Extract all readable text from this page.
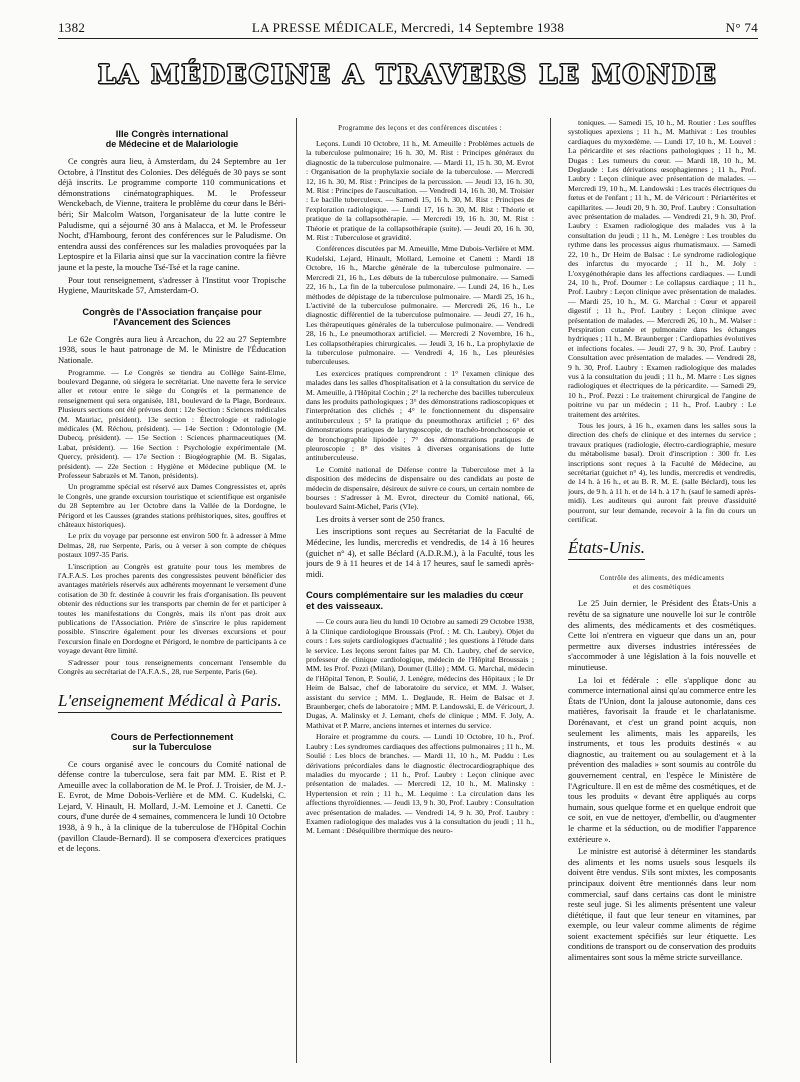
1382	LA PRESSE MÉDICALE, Mercredi, 14 Septembre 1938	N° 74
LA MÉDECINE A TRAVERS LE MONDE
IIIe Congrès international
de Médecine et de Malariologie

Ce congrès aura lieu, à Amsterdam, du 24 Septembre au 1er Octobre, à l'Institut des Colonies. Des délégués de 30 pays se sont déjà inscrits. Le programme comporte 110 communications et démonstrations cinématographiques. M. le Professeur Wenckebach, de Vienne, traitera le problème du cœur dans le Béri-béri; Sir Malcolm Watson, l'organisateur de la lutte contre le Paludisme, qui a séjourné 30 ans à Malacca, et M. le Professeur Nocht, d'Hambourg, feront des conférences sur le Paludisme. On entendra aussi des conférences sur les maladies provoquées par la Leptospire et la Filaria ainsi que sur la vaccination contre la fièvre jaune et la peste, la mouche Tsé-Tsé et la rage canine.

Pour tout renseignement, s'adresser à l'Institut voor Tropische Hygiene, Mauritskade 57, Amsterdam-O.

Congrès de l'Association française pour
l'Avancement des Sciences

Le 62e Congrès aura lieu à Arcachon, du 22 au 27 Septembre 1938, sous le haut patronage de M. le Ministre de l'Éducation Nationale.

Programme. — Le Congrès se tiendra au Collège Saint-Elme, boulevard Deganne, où siégera le secrétariat. Une navette fera le service aller et retour entre le siège du Congrès et la permanence de renseignement qui sera organisée, 181, boulevard de la Plage, Bordeaux. Plusieurs sections ont été prévues dont : 12e Section : Sciences médicales (M. Mauriac, président). 13e section : Électrologie et radiologie médicales (M. Réchou, président). — 14e Section : Odontologie (M. Dubecq, président). — 15e Section : Sciences pharmaceutiques (M. Labat, président). — 16e Section : Psychologie expérimentale (M. Quercy, président). — 17e Section : Biogéographie (M. B. Sigalas, président). — 22e Section : Hygiène et Médecine publique (M. le Professeur Sabrazès et M. Tanon, présidents).

Un programme spécial est réservé aux Dames Congressistes et, après le Congrès, une grande excursion touristique et scientifique est organisée du 28 Septembre au 1er Octobre dans la Vallée de la Dordogne, le Périgord et les Causses (grandes stations préhistoriques, sites, gouffres et châteaux historiques).

Le prix du voyage par personne est environ 500 fr. à adresser à Mme Delmas, 28, rue Serpente, Paris, ou à verser à son compte de chèques postaux 1097-35 Paris.

L'inscription au Congrès est gratuite pour tous les membres de l'A.F.A.S. Les proches parents des congressistes peuvent bénéficier des avantages matériels réservés aux adhérents moyennant le versement d'une cotisation de 30 fr. destinée à couvrir les frais d'organisation. Ils peuvent obtenir des réductions sur les transports par chemin de fer et participer à toutes les manifestations du Congrès, mais ils n'ont pas droit aux publications de l'Association. Prière de s'inscrire le plus rapidement possible. S'inscrire également pour les diverses excursions et pour l'excursion finale en Dordogne et Périgord, le nombre de participants à ce voyage devant être limité.

S'adresser pour tous renseignements concernant l'ensemble du Congrès au secrétariat de l'A.F.A.S., 28, rue Serpente, Paris (6e).

L'enseignement Médical à Paris.
Cours de Perfectionnement
sur la Tuberculose

Ce cours organisé avec le concours du Comité national de défense contre la tuberculose, sera fait par MM. E. Rist et P. Ameuille avec la collaboration de M. le Prof. J. Troisier, de M. J.-E. Evrot, de Mme Dobois-Verlière et de MM. C. Kudelski, C. Lejard, V. Hinault, H. Mollard, J.-M. Lemoine et J. Canetti. Ce cours, d'une durée de 4 semaines, commencera le lundi 10 Octobre 1938, à 9 h., à la clinique de la tuberculose de l'Hôpital Cochin (pavillon Claude-Bernard). Il se composera d'exercices pratiques et de leçons.

Programme des leçons et des conférences discutées :

Leçons. Lundi 10 Octobre, 11 h., M. Ameuille : Problèmes actuels de la tuberculose pulmonaire; 16 h. 30, M. Rist : Principes généraux du diagnostic de la tuberculose pulmonaire. — Mardi 11, 15 h. 30, M. Evrot : Organisation de la prophylaxie sociale de la tuberculose. — Mercredi 12, 16 h. 30, M. Rist : Principes de la percussion. — Jeudi 13, 16 h. 30, M. Rist : Principes de l'auscultation. — Vendredi 14, 16 h. 30, M. Troisier : Le bacille tuberculeux. — Samedi 15, 16 h. 30, M. Rist : Principes de l'exploration radiologique. — Lundi 17, 16 h. 30, M. Rist : Théorie et pratique de la collapsothérapie. — Mercredi 19, 16 h. 30, M. Rist : Théorie et pratique de la collapsothérapie (suite). — Jeudi 20, 16 h. 30, M. Rist : Tuberculose et gravidité.

Conférences discutées par M. Ameuille, Mme Dubois-Verlière et MM. Kudelski, Lejard, Hinault, Mollard, Lemoine et Canetti : Mardi 18 Octobre, 16 h., Marche générale de la tuberculose pulmonaire. — Mercredi 21, 16 h., Les débuts de la tuberculose pulmonaire. — Samedi 22, 16 h., La fin de la tuberculose pulmonaire. — Lundi 24, 16 h., Les méthodes de dépistage de la tuberculose pulmonaire. — Mardi 25, 16 h., L'activité de la tuberculose pulmonaire. — Mercredi 26, 16 h., Le diagnostic différentiel de la tuberculose pulmonaire. — Jeudi 27, 16 h., Les thérapeutiques générales de la tuberculose pulmonaire. — Vendredi 28, 16 h., Le pneumothorax artificiel. — Mercredi 2 Novembre, 16 h., Les collapsothérapies chirurgicales. — Jeudi 3, 16 h., La prophylaxie de la tuberculose pulmonaire. — Vendredi 4, 16 h., Les pleurésies tuberculeuses.

Les exercices pratiques comprendront : 1° l'examen clinique des malades dans les salles d'hospitalisation et à la consultation du service de M. Ameuille, à l'Hôpital Cochin ; 2° la recherche des bacilles tuberculeux dans les produits pathologiques ; 3° des démonstrations radioscopiques et l'interprétation des clichés ; 4° le fonctionnement du dispensaire antituberculeux ; 5° la pratique du pneumothorax artificiel ; 6° des démonstrations pratiques de laryngoscopie, de trachéo-bronchoscopie et de bronchographie lipiodée ; 7° des démonstrations pratiques de pleuroscopie ; 8° des visites à diverses organisations de lutte antituberculeuse.

Le Comité national de Défense contre la Tuberculose met à la disposition des médecins de dispensaire ou des candidats au poste de médecin de dispensaire, désireux de suivre ce cours, un certain nombre de bourses : S'adresser à M. Evrot, directeur du Comité national, 66, boulevard Saint-Michel, Paris (VIe).

Les droits à verser sont de 250 francs.

Les inscriptions sont reçues au Secrétariat de la Faculté de Médecine, les lundis, mercredis et vendredis, de 14 à 16 heures (guichet n° 4), et salle Béclard (A.D.R.M.), à la Faculté, tous les jours de 9 à 11 heures et de 14 à 17 heures, sauf le samedi après-midi.

Cours complémentaire sur les maladies du cœur et des vaisseaux.

— Ce cours aura lieu du lundi 10 Octobre au samedi 29 Octobre 1938, à la Clinique cardiologique Broussais (Prof. : M. Ch. Laubry). Objet du cours : Les sujets cardiologiques d'actualité ; les questions à l'étude dans le service. Les leçons seront faites par M. Ch. Laubry, chef de service, professeur de clinique cardiologique, médecin de l'Hôpital Broussais ; MM. les Prof. Pezzi (Milan), Doumer (Lille) ; MM. G. Marchal, médecin de l'Hôpital Tenon, P. Soulié, J. Lenègre, médecins des Hôpitaux ; le Dr Heim de Balsac, chef de laboratoire du service, et MM. J. Walser, assistant du service ; MM. L. Deglaude, R. Heim de Balsac et J. Braunberger, chefs de laboratoire ; MM. P. Landowski, E. de Véricourt, J. Dugas, A. Malinsky et J. Lemant, chefs de clinique ; MM. F. Joly, A. Mathivat et P. Marre, anciens internes et internes du service.

Horaire et programme du cours. — Lundi 10 Octobre, 10 h., Prof. Laubry : Les syndromes cardiaques des affections pulmonaires ; 11 h., M. Soulié : Les blocs de branches. — Mardi 11, 10 h., M. Puddu : Les dérivations précordiales dans le diagnostic électrocardiographique des maladies du myocarde ; 11 h., Prof. Laubry : Leçon clinique avec présentation de malades. — Mercredi 12, 10 h., M. Malinsky : Hypertension et rein ; 11 h., M. Lequime : La circulation dans les affections thyroïdiennes. — Jeudi 13, 9 h. 30, Prof. Laubry : Consultation avec présentation de malades. — Vendredi 14, 9 h. 30, Prof. Laubry : Examen radiologique des malades vus à la consultation du jeudi ; 11 h., M. Lemant : Déséquilibre thermique des neuro-

toniques. — Samedi 15, 10 h., M. Routier : Les souffles systoliques apexiens ; 11 h., M. Mathivat : Les troubles cardiaques du myxœdème. — Lundi 17, 10 h., M. Louvel : La péricardite et ses réactions pathologiques ; 11 h., M. Dugas : Les tumeurs du cœur. — Mardi 18, 10 h., M. Deglaude : Les dérivations œsophagiennes ; 11 h., Prof. Laubry : Leçon clinique avec présentation de malades. — Mercredi 19, 10 h., M. Landowski : Les tracés électriques du fœtus et de l'enfant ; 11 h., M. de Véricourt : Périartérites et capillarites. — Jeudi 20, 9 h. 30, Prof. Laubry : Consultation avec présentation de malades. — Vendredi 21, 9 h. 30, Prof. Laubry : Examen radiologique des malades vus à la consultation du jeudi ; 11 h., M. Lenègre : Les troubles du rythme dans les processus aigus rhumatismaux. — Samedi 22, 10 h., Dr Heim de Balsac : Le syndrome radiologique des infarctus du myocarde ; 11 h., M. Joly : L'oxygénothérapie dans les affections cardiaques. — Lundi 24, 10 h., Prof. Doumer : Le collapsus cardiaque ; 11 h., Prof. Laubry : Leçon clinique avec présentation de malades. — Mardi 25, 10 h., M. G. Marchal : Cœur et appareil digestif ; 11 h., Prof. Laubry : Leçon clinique avec présentation de malades. — Mercredi 26, 10 h., M. Walser : Perspiration cutanée et pulmonaire dans les échanges hydriques ; 11 h., M. Braunberger : Cardiopathies évolutives et infections focales. — Jeudi 27, 9 h. 30, Prof. Laubry : Consultation avec présentation de malades. — Vendredi 28, 9 h. 30, Prof. Laubry : Examen radiologique des malades vus à la consultation du jeudi ; 11 h., M. Marre : Les signes radiologiques et électriques de la péricardite. — Samedi 29, 10 h., Prof. Pezzi : Le traitement chirurgical de l'angine de poitrine vu par un médecin ; 11 h., Prof. Laubry : Le traitement des artérites.

Tous les jours, à 16 h., examen dans les salles sous la direction des chefs de clinique et des internes du service ; travaux pratiques (radiologie, électro-cardiographie, mesure du métabolisme basal). Droit d'inscription : 300 fr. Les inscriptions sont reçues à la Faculté de Médecine, au secrétariat (guichet n° 4), les lundis, mercredis et vendredis, de 14 h. à 16 h., et au B. R. M. E. (salle Béclard), tous les jours, de 9 h. à 11 h. et de 14 h. à 17 h. (sauf le samedi après-midi). Les auditeurs qui auront fait preuve d'assiduité pourront, sur leur demande, recevoir à la fin du cours un certificat.

États-Unis.
Contrôle des aliments, des médicaments
et des cosmétiques

Le 25 Juin dernier, le Président des États-Unis a revêtu de sa signature une nouvelle loi sur le contrôle des aliments, des médicaments et des cosmétiques. Cette loi n'entrera en vigueur que dans un an, pour permettre aux diverses industries intéressées de s'accommoder à une législation à la fois nouvelle et minutieuse.

La loi et fédérale : elle s'applique donc au commerce international ainsi qu'au commerce entre les États de l'Union, dont la jalouse autonomie, dans ces matières, favorisait la fraude et le charlatanisme. Dorénavant, et c'est un grand point acquis, non seulement les aliments, mais les appareils, les instruments, et tous les produits destinés « au diagnostic, au traitement ou au soulagement et à la prévention des maladies » sont soumis au contrôle du gouvernement central, en l'espèce le Ministère de l'Agriculture. Il en est de même des cosmétiques, et de tous les produits « devant être appliqués au corps humain, sous quelque forme et en quelque endroit que ce soit, en vue de nettoyer, d'embellir, ou d'augmenter le charme et la séduction, ou de modifier l'apparence extérieure ».

Le ministre est autorisé à déterminer les standards des aliments et les noms usuels sous lesquels ils doivent être vendus. S'ils sont mixtes, les composants principaux doivent être mentionnés dans leur nom commercial, sauf dans certains cas dont le ministre reste seul juge. Si les aliments présentent une valeur diététique, il faut que leur teneur en vitamines, par exemple, ou leur valeur comme aliments de régime soient exactement spécifiés sur leur étiquette. Les conditions de transport ou de conservation des produits alimentaires sont sous la même stricte surveillance.
